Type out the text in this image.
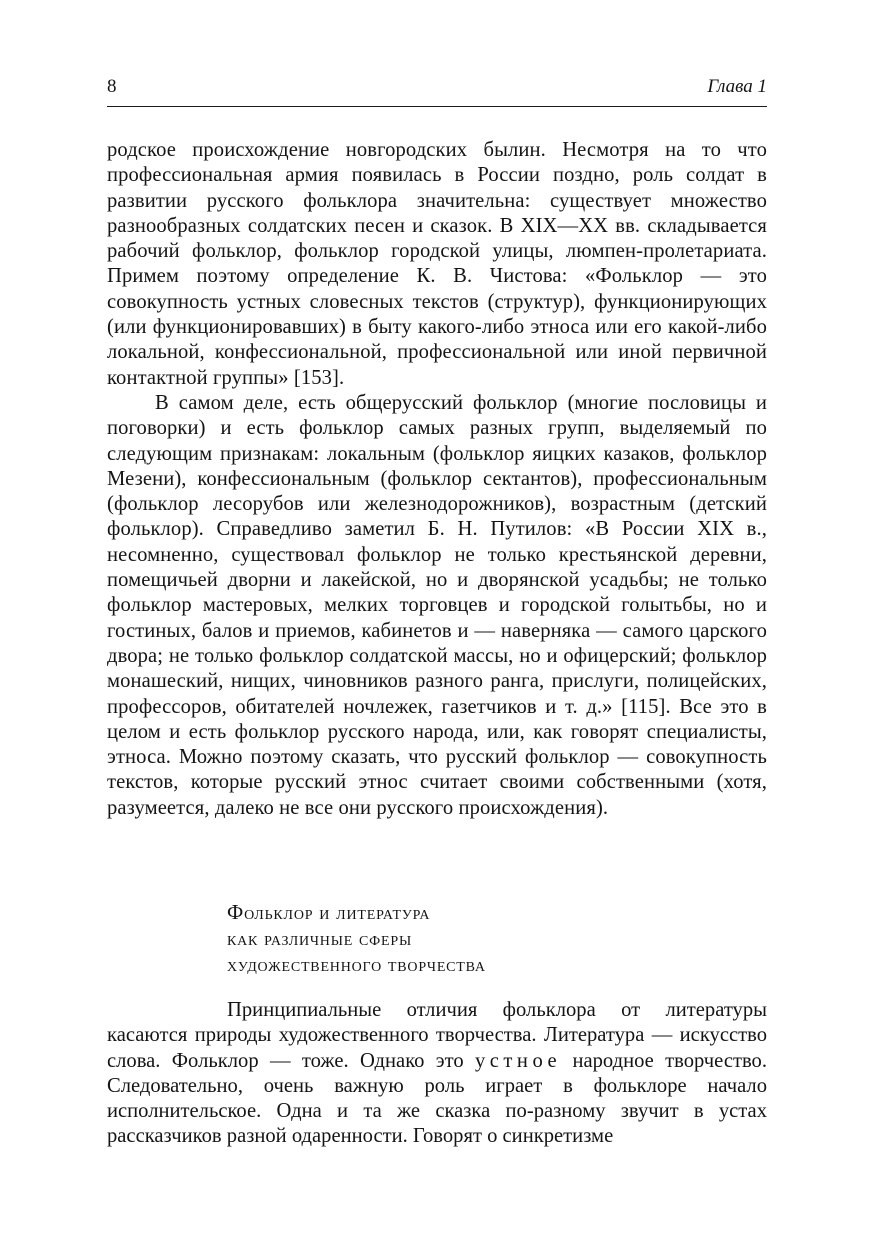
8	Глава 1

родское происхождение новгородских былин. Несмотря на то что профессиональная армия появилась в России поздно, роль солдат в развитии русского фольклора значительна: существует множество разнообразных солдатских песен и сказок. В XIX—XX вв. складывается рабочий фольклор, фольклор городской улицы, люмпен-пролетариата. Примем поэтому определение К. В. Чистова: «Фольклор — это совокупность устных словесных текстов (структур), функционирующих (или функционировавших) в быту какого-либо этноса или его какой-либо локальной, конфессиональной, профессиональной или иной первичной контактной группы» [153].

В самом деле, есть общерусский фольклор (многие пословицы и поговорки) и есть фольклор самых разных групп, выделяемый по следующим признакам: локальным (фольклор яицких казаков, фольклор Мезени), конфессиональным (фольклор сектантов), профессиональным (фольклор лесорубов или железнодорожников), возрастным (детский фольклор). Справедливо заметил Б. Н. Путилов: «В России XIX в., несомненно, существовал фольклор не только крестьянской деревни, помещичьей дворни и лакейской, но и дворянской усадьбы; не только фольклор мастеровых, мелких торговцев и городской голытьбы, но и гостиных, балов и приемов, кабинетов и — наверняка — самого царского двора; не только фольклор солдатской массы, но и офицерский; фольклор монашеский, нищих, чиновников разного ранга, прислуги, полицейских, профессоров, обитателей ночлежек, газетчиков и т. д.» [115]. Все это в целом и есть фольклор русского народа, или, как говорят специалисты, этноса. Можно поэтому сказать, что русский фольклор — совокупность текстов, которые русский этнос считает своими собственными (хотя, разумеется, далеко не все они русского происхождения).

Фольклор и литература
как различные сферы
художественного творчества

Принципиальные отличия фольклора от литературы касаются природы художественного творчества. Литература — искусство слова. Фольклор — тоже. Однако это устное народное творчество. Следовательно, очень важную роль играет в фольклоре начало исполнительское. Одна и та же сказка по-разному звучит в устах рассказчиков разной одаренности. Говорят о синкретизме
